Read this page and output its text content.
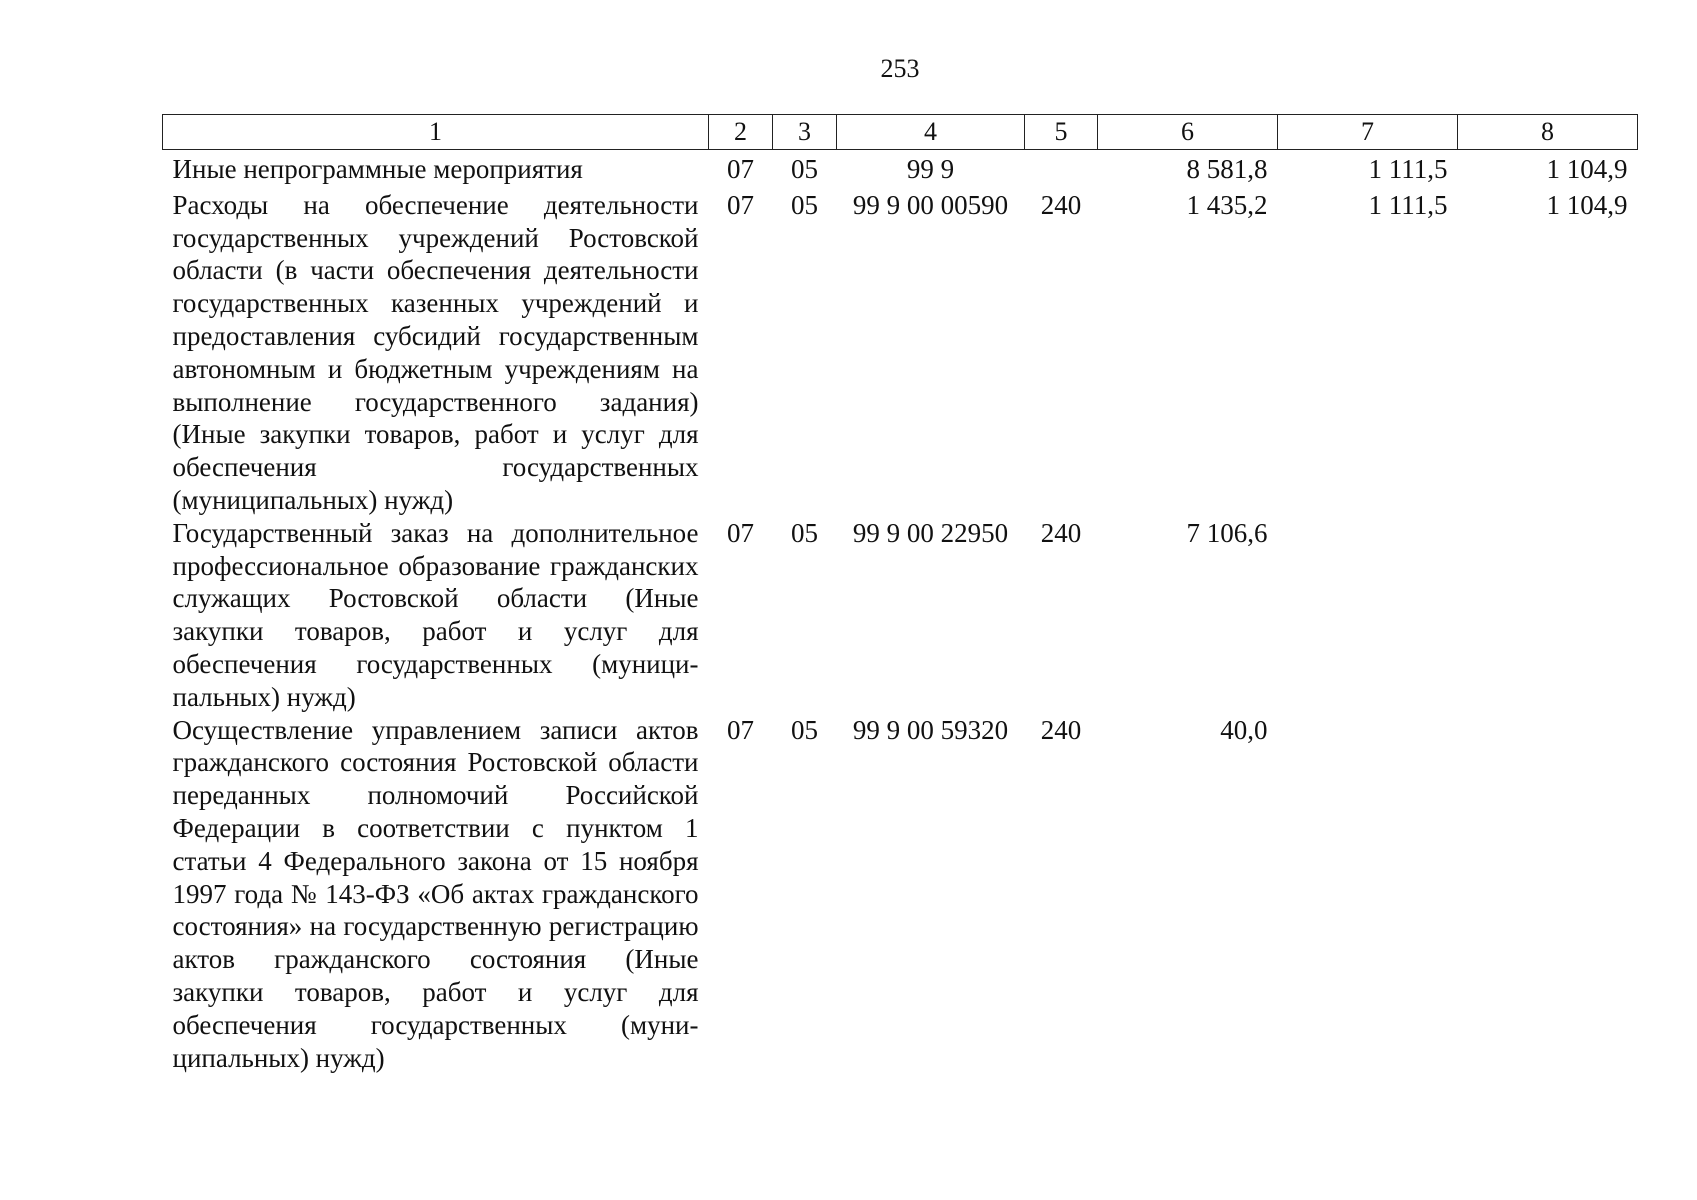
253
1	2	3	4	5	6	7	8

Иные непрограммные мероприятия	07	05	99 9		8 581,8	1 111,5	1 104,9

Расходы на обеспечение деятельности государственных учреждений Ростовской области (в части обеспечения деятельности государственных казенных учреждений и предоставления субсидий государственным автономным и бюджетным учреждениям на выполнение государственного задания) (Иные закупки товаров, работ и услуг для обеспечения государственных (муниципальных) нужд)	07	05	99 9 00 00590	240	1 435,2	1 111,5	1 104,9
Государственный заказ на дополнительное профессиональное образование гражданских служащих Ростовской области (Иные закупки товаров, работ и услуг для обеспечения государственных (муниципальных) нужд)	07	05	99 9 00 22950	240	7 106,6		
Осуществление управлением записи актов гражданского состояния Ростовской области переданных полномочий Российской Федерации в соответствии с пунктом 1 статьи 4 Федерального закона от 15 ноября 1997 года № 143-ФЗ «Об актах гражданского состояния» на государственную регистрацию актов гражданского состояния (Иные закупки товаров, работ и услуг для обеспечения государственных (муниципальных) нужд)	07	05	99 9 00 59320	240	40,0		
